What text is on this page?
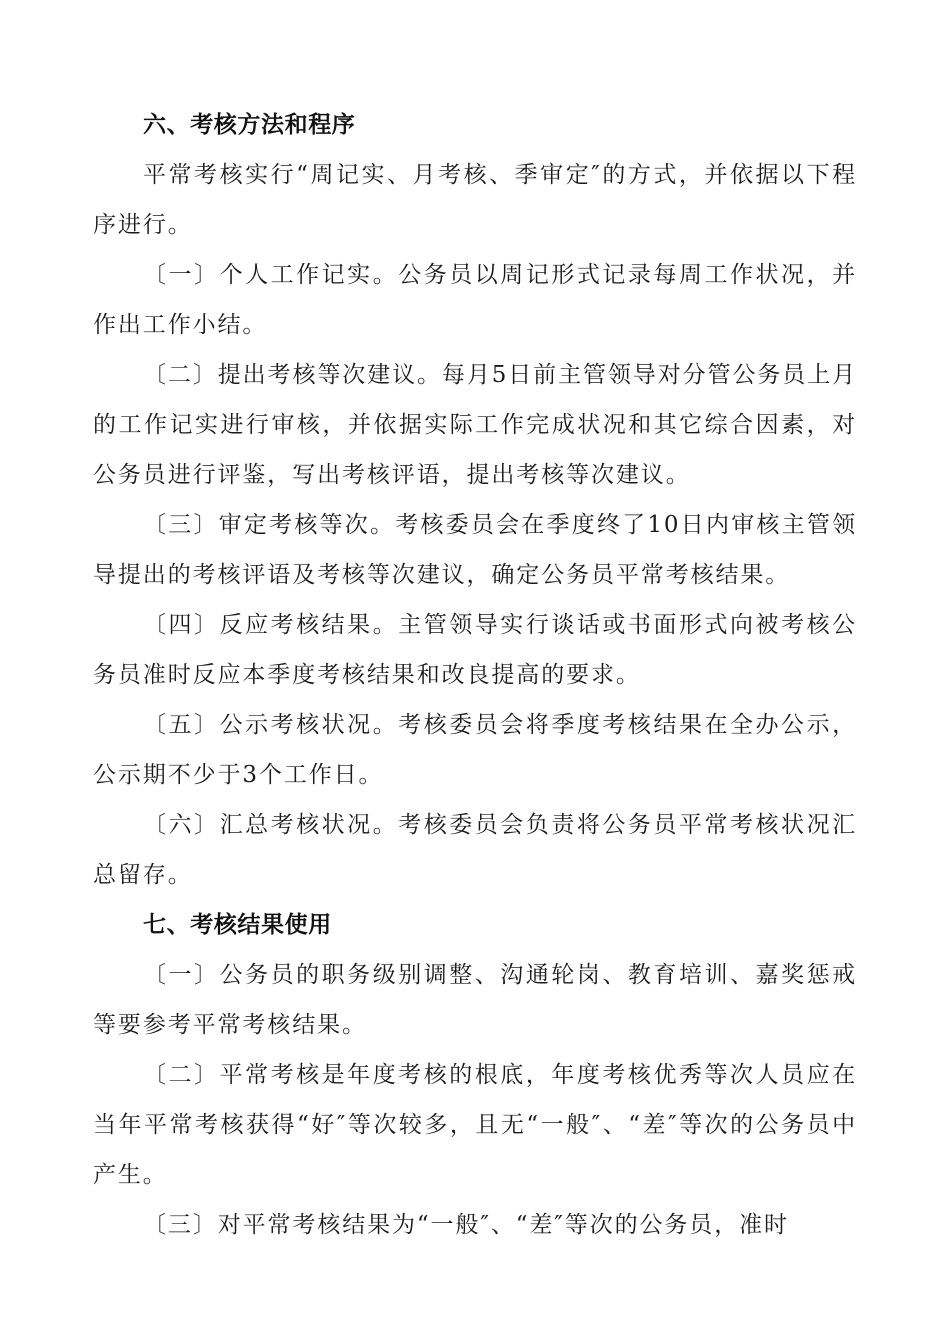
六、考核方法和程序

平常考核实行“周记实、月考核、季审定″的方式，并依据以下程序进行。

〔一〕个人工作记实。公务员以周记形式记录每周工作状况，并作出工作小结。

〔二〕提出考核等次建议。每月5日前主管领导对分管公务员上月的工作记实进行审核，并依据实际工作完成状况和其它综合因素，对公务员进行评鉴，写出考核评语，提出考核等次建议。

〔三〕审定考核等次。考核委员会在季度终了10日内审核主管领导提出的考核评语及考核等次建议，确定公务员平常考核结果。

〔四〕反应考核结果。主管领导实行谈话或书面形式向被考核公务员准时反应本季度考核结果和改良提高的要求。

〔五〕公示考核状况。考核委员会将季度考核结果在全办公示，公示期不少于3个工作日。

〔六〕汇总考核状况。考核委员会负责将公务员平常考核状况汇总留存。

七、考核结果使用

〔一〕公务员的职务级别调整、沟通轮岗、教育培训、嘉奖惩戒等要参考平常考核结果。

〔二〕平常考核是年度考核的根底，年度考核优秀等次人员应在当年平常考核获得“好″等次较多，且无“一般″、“差″等次的公务员中产生。

〔三〕对平常考核结果为“一般″、“差″等次的公务员，准时
